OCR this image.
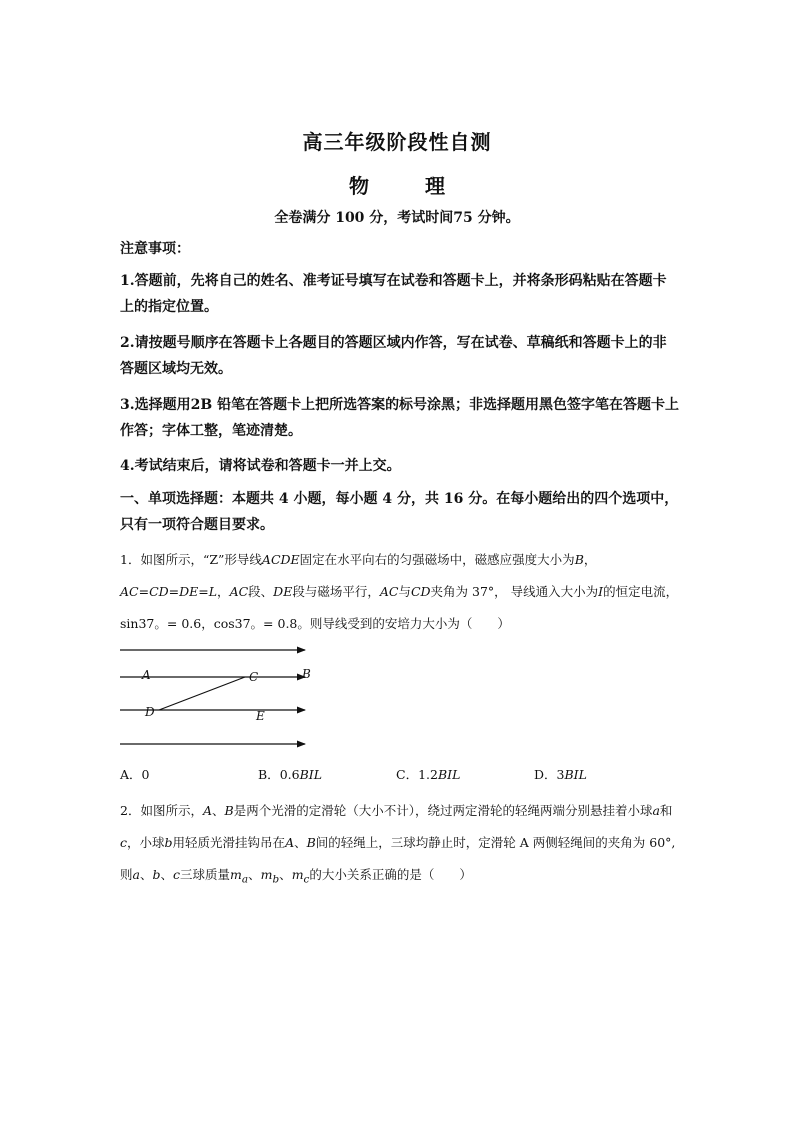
高三年级阶段性自测
物　理
全卷满分 100 分，考试时间75 分钟。
注意事项：
1.答题前，先将自己的姓名、准考证号填写在试卷和答题卡上，并将条形码粘贴在答题卡上的指定位置。
2.请按题号顺序在答题卡上各题目的答题区域内作答，写在试卷、草稿纸和答题卡上的非答题区域均无效。
3.选择题用2B 铅笔在答题卡上把所选答案的标号涂黑；非选择题用黑色签字笔在答题卡上作答；字体工整，笔迹清楚。
4.考试结束后，请将试卷和答题卡一并上交。
一、单项选择题：本题共 4 小题，每小题 4 分，共 16 分。在每小题给出的四个选项中，只有一项符合题目要求。
1．如图所示，“Z”形导线ACDE固定在水平向右的匀强磁场中，磁感应强度大小为B，AC=CD=DE=L，AC段、DE段与磁场平行，AC与CD夹角为 37°， 导线通入大小为I的恒定电流，sin37。= 0.6，cos37。= 0.8。则导线受到的安培力大小为（　　）
A	C	B
D	E
A．0	B．0.6BIL	C．1.2BIL	D．3BIL
2．如图所示，A、B是两个光滑的定滑轮（大小不计），绕过两定滑轮的轻绳两端分别悬挂着小球a和c，小球b用轻质光滑挂钩吊在A、B间的轻绳上，三球均静止时，定滑轮 A 两侧轻绳间的夹角为 60°, 则a、b、c三球质量$m_a$、$m_b$、$m_c$的大小关系正确的是（　　）
